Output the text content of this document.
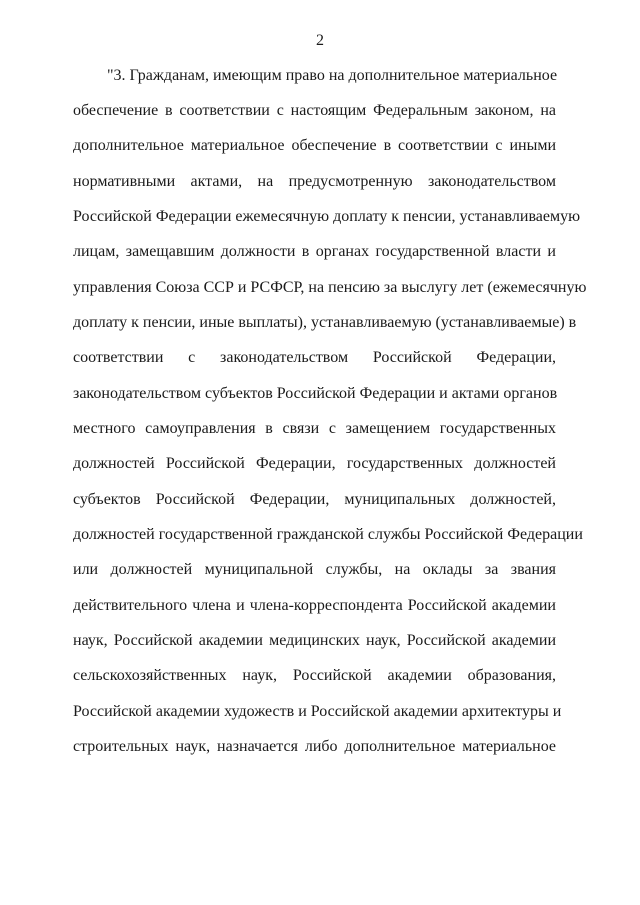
2
"3. Гражданам, имеющим право на дополнительное материальное
обеспечение в соответствии с настоящим Федеральным законом, на
дополнительное материальное обеспечение в соответствии с иными
нормативными актами, на предусмотренную законодательством
Российской Федерации ежемесячную доплату к пенсии, устанавливаемую
лицам, замещавшим должности в органах государственной власти и
управления Союза ССР и РСФСР, на пенсию за выслугу лет (ежемесячную
доплату к пенсии, иные выплаты), устанавливаемую (устанавливаемые) в
соответствии с законодательством Российской Федерации,
законодательством субъектов Российской Федерации и актами органов
местного самоуправления в связи с замещением государственных
должностей Российской Федерации, государственных должностей
субъектов Российской Федерации, муниципальных должностей,
должностей государственной гражданской службы Российской Федерации
или должностей муниципальной службы, на оклады за звания
действительного члена и члена-корреспондента Российской академии
наук, Российской академии медицинских наук, Российской академии
сельскохозяйственных наук, Российской академии образования,
Российской академии художеств и Российской академии архитектуры и
строительных наук, назначается либо дополнительное материальное
